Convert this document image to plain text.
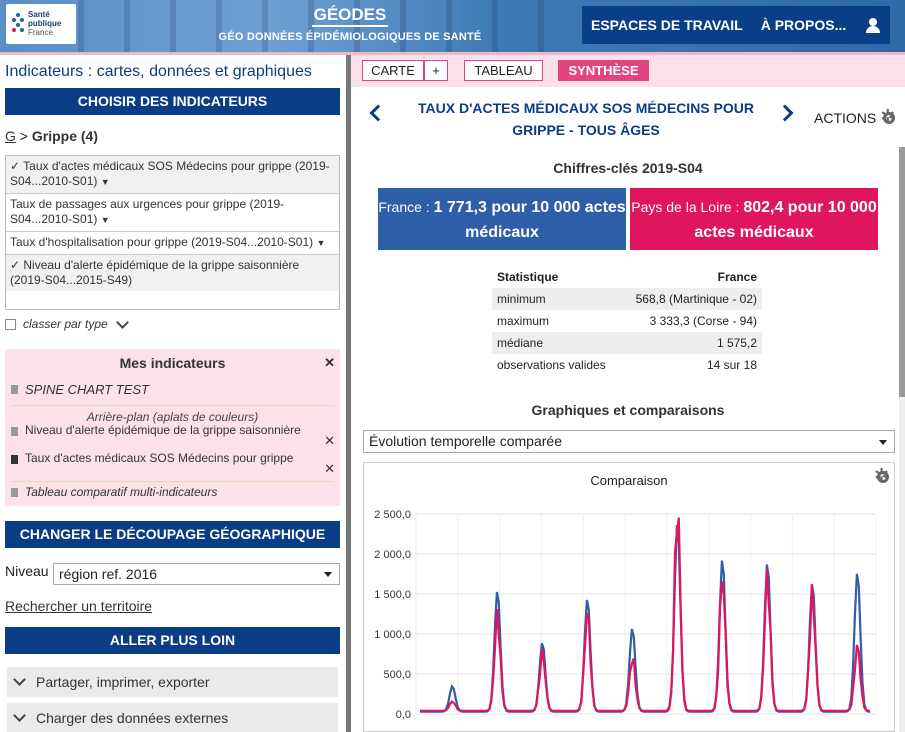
Santé
publique
France
GÉODES
GÉO DONNÉES ÉPIDÉMIOLOGIQUES DE SANTÉ
ESPACES DE TRAVAIL	À PROPOS...
Indicateurs : cartes, données et graphiques
CHOISIR DES INDICATEURS
G > Grippe (4)
✓ Taux d'actes médicaux SOS Médecins pour grippe (2019-S04...2010-S01) ▼
Taux de passages aux urgences pour grippe (2019-S04...2010-S01) ▼
Taux d'hospitalisation pour grippe (2019-S04...2010-S01) ▼
✓ Niveau d'alerte épidémique de la grippe saisonnière (2019-S04...2015-S49)
classer par type
Mes indicateurs	✕
SPINE CHART TEST
Arrière-plan (aplats de couleurs)
Niveau d'alerte épidémique de la grippe saisonnière
✕
Taux d'actes médicaux SOS Médecins pour grippe
✕
Tableau comparatif multi-indicateurs
CHANGER LE DÉCOUPAGE GÉOGRAPHIQUE
Niveau région ref. 2016
Rechercher un territoire
ALLER PLUS LOIN
Partager, imprimer, exporter
Charger des données externes
CARTE	+	TABLEAU	SYNTHÈSE
TAUX D'ACTES MÉDICAUX SOS MÉDECINS POUR GRIPPE - TOUS ÂGES
ACTIONS
✲
Chiffres-clés 2019-S04
France : 1 771,3 pour 10 000 actes médicaux
Pays de la Loire : 802,4 pour 10 000 actes médicaux
Statistique	France
minimum	568,8 (Martinique - 02)
maximum	3 333,3 (Corse - 94)
médiane	1 575,2
observations valides	14 sur 18
Graphiques et comparaisons
Évolution temporelle comparée
Comparaison
✲
2 500,0
2 000,0
1 500,0
1 000,0
500,0
0,0
